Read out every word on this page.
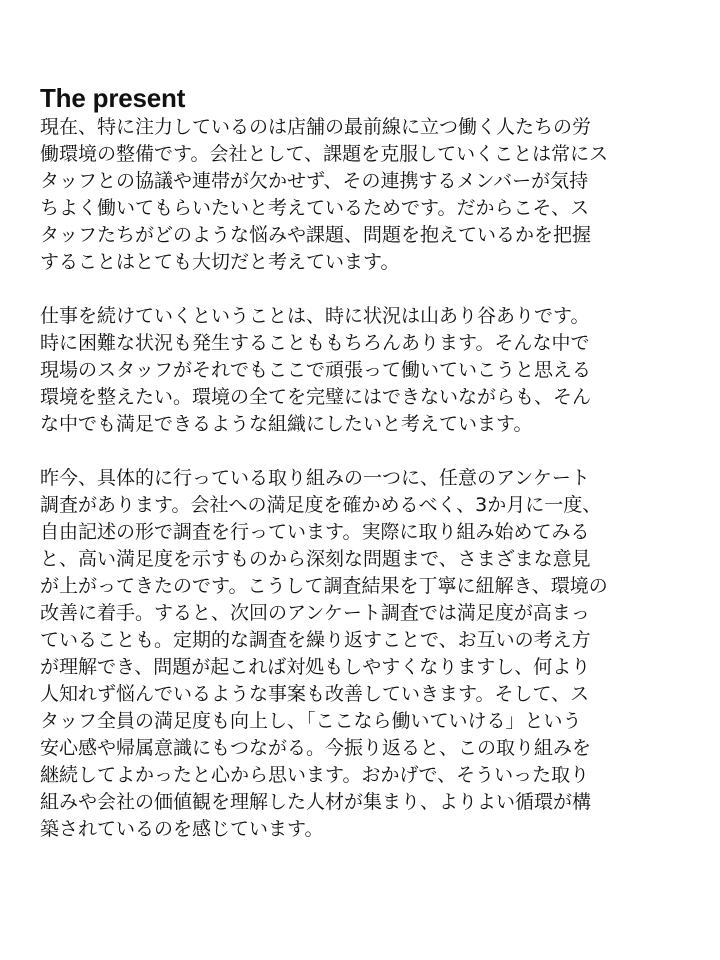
The present

現在、特に注力しているのは店舗の最前線に立つ働く人たちの労
働環境の整備です。会社として、課題を克服していくことは常にス
タッフとの協議や連帯が欠かせず、その連携するメンバーが気持
ちよく働いてもらいたいと考えているためです。だからこそ、ス
タッフたちがどのような悩みや課題、問題を抱えているかを把握
することはとても大切だと考えています。

仕事を続けていくということは、時に状況は山あり谷ありです。
時に困難な状況も発生することももちろんあります。そんな中で
現場のスタッフがそれでもここで頑張って働いていこうと思える
環境を整えたい。環境の全てを完璧にはできないながらも、そん
な中でも満足できるような組織にしたいと考えています。

昨今、具体的に行っている取り組みの一つに、任意のアンケート
調査があります。会社への満足度を確かめるべく、3か月に一度、
自由記述の形で調査を行っています。実際に取り組み始めてみる
と、高い満足度を示すものから深刻な問題まで、さまざまな意見
が上がってきたのです。こうして調査結果を丁寧に紐解き、環境の
改善に着手。すると、次回のアンケート調査では満足度が高まっ
ていることも。定期的な調査を繰り返すことで、お互いの考え方
が理解でき、問題が起これば対処もしやすくなりますし、何より
人知れず悩んでいるような事案も改善していきます。そして、ス
タッフ全員の満足度も向上し、「ここなら働いていける」という
安心感や帰属意識にもつながる。今振り返ると、この取り組みを
継続してよかったと心から思います。おかげで、そういった取り
組みや会社の価値観を理解した人材が集まり、よりよい循環が構
築されているのを感じています。
